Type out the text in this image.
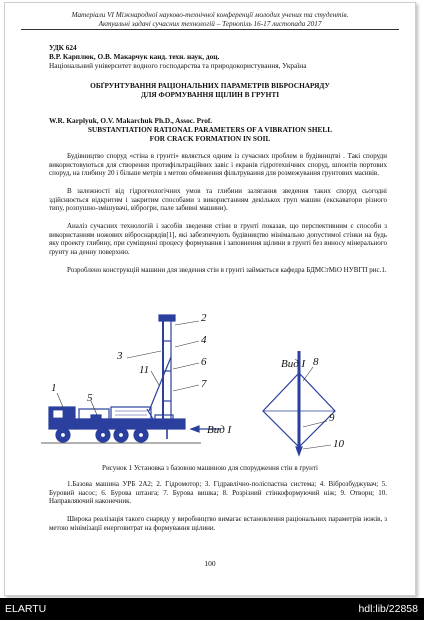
Матеріали VI Міжнародної науково-технічної конференції молодих учених та студентів.
Актуальні задачі сучасних технологій – Тернопіль 16-17 листопада 2017
УДК 624
В.Р. Карплюк, О.В. Макарчук канд. техн. наук, доц.
Національний університет водного господарства та природокористування, Україна
ОБҐРУНТУВАННЯ РАЦІОНАЛЬНИХ ПАРАМЕТРІВ ВІБРОСНАРЯДУ
ДЛЯ ФОРМУВАННЯ ЩІЛИН В ГРУНТІ
W.R. Karplyuk, O.V. Makarchuk Ph.D., Assoc. Prof.
SUBSTANTIATION RATIONAL PARAMETERS OF A VIBRATION SHELL
FOR CRACK FORMATION IN SOIL
Будівництво споруд «стіна в грунті» являється одним із сучасних проблем в будівництві . Такі споруди використовуються для створення протифільтраційних завіс і екранів гідротехнічних споруд, шпонтів портових споруд, на глибину 20 і більше метрів з метою обмеження фільтрування для розмежування грунтових масивів.
В залежності від гідрогеологічних умов та глибини залягання зведення таких споруд сьогодні здійснюється відкритим і закритим способами з використанням декількох груп машин (екскаватори різного типу, розпушно-змішувачі, віброгри, палe забивні машини).
Аналіз сучасних технологій і засобів зведення стіни в грунті показав, що перспективним є способи з використанням ножових віброснарядів[1], які забезпечують будівництво мінімально допустимої стінки на будь яку проекту глибину, при суміщенні процесу формування і заповнення щілини в грунті без виносу мінерального ґрунту на денну поверхню.
Розроблено конструкцій машини для зведення стін в грунті займається кафедра БДМСтМіО НУВГП рис.1.
1
2
3
4
5
6
7
11
Вид I
Вид I 8
9
10
Рисунок 1 Установка з базовою машиною для спорудження стін в грунті
1.Базова машина УРБ 2А2; 2. Гідромотор; 3. Гідравлічно-поліспастна система; 4. Віброзбуджувач; 5. Буровий насос; 6. Бурова штанга; 7. Бурова вишка; 8. Розрізний стінкоформуючий ніж; 9. Отвори; 10. Направляючий наконечник.
Широка реалізація такого снаряду у виробництво вимагає встановлення раціональних параметрів ножів, з метою мінімізації енерговитрат на формування щілини.
100
ELARTU	hdl:lib/22858
